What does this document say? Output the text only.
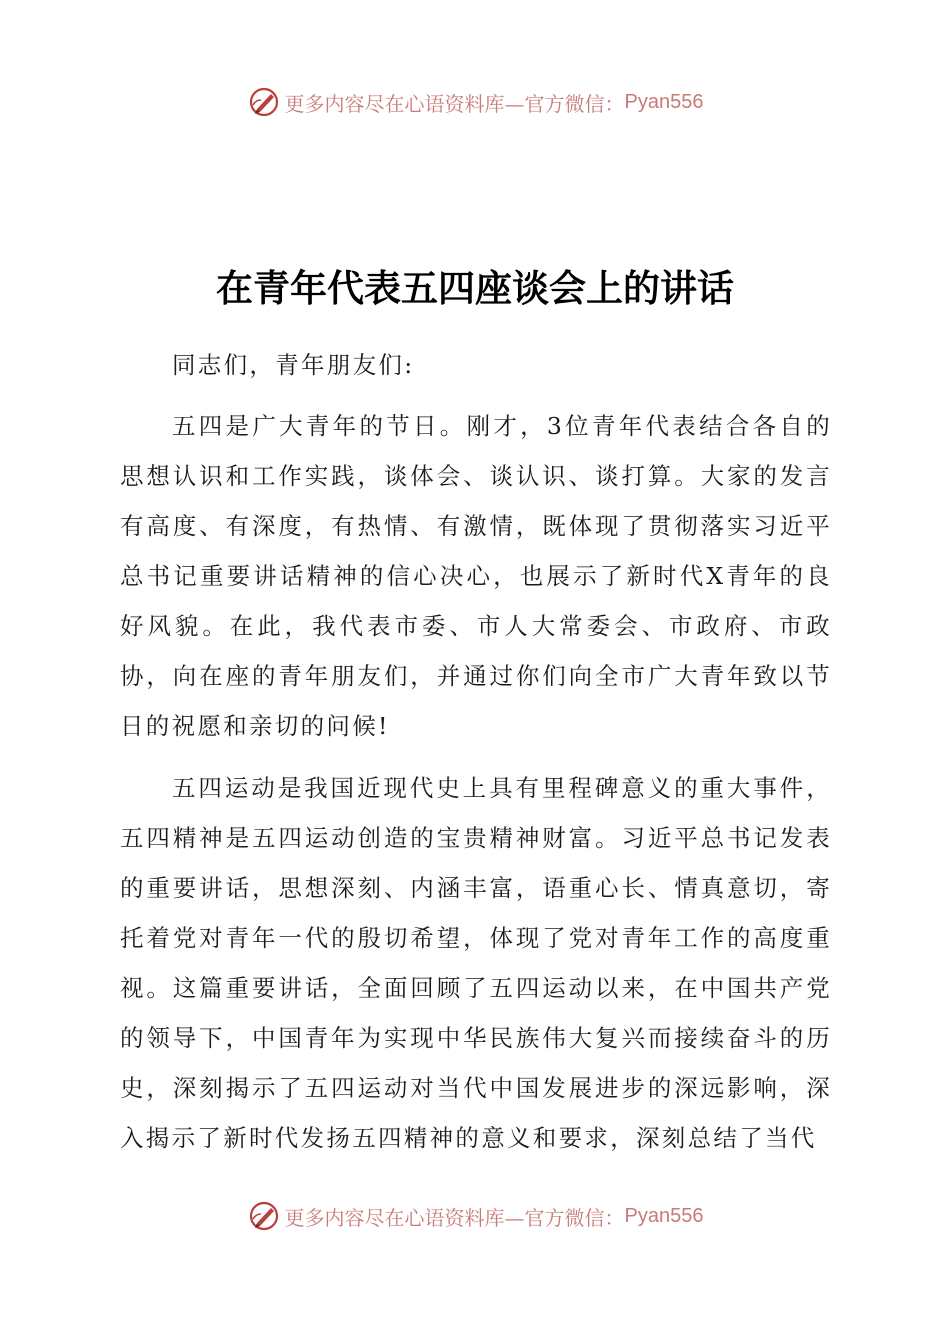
更多内容尽在心语资料库—官方微信： Pyan556
在青年代表五四座谈会上的讲话

同志们，青年朋友们:

五四是广大青年的节日。刚才，3位青年代表结合各自的思想认识和工作实践，谈体会、谈认识、谈打算。大家的发言有高度、有深度，有热情、有激情，既体现了贯彻落实习近平总书记重要讲话精神的信心决心，也展示了新时代X青年的良好风貌。在此，我代表市委、市人大常委会、市政府、市政协，向在座的青年朋友们，并通过你们向全市广大青年致以节日的祝愿和亲切的问候!

五四运动是我国近现代史上具有里程碑意义的重大事件，五四精神是五四运动创造的宝贵精神财富。习近平总书记发表的重要讲话，思想深刻、内涵丰富，语重心长、情真意切，寄托着党对青年一代的殷切希望，体现了党对青年工作的高度重视。这篇重要讲话，全面回顾了五四运动以来，在中国共产党的领导下，中国青年为实现中华民族伟大复兴而接续奋斗的历史，深刻揭示了五四运动对当代中国发展进步的深远影响，深入揭示了新时代发扬五四精神的意义和要求，深刻总结了当代

更多内容尽在心语资料库—官方微信： Pyan556
